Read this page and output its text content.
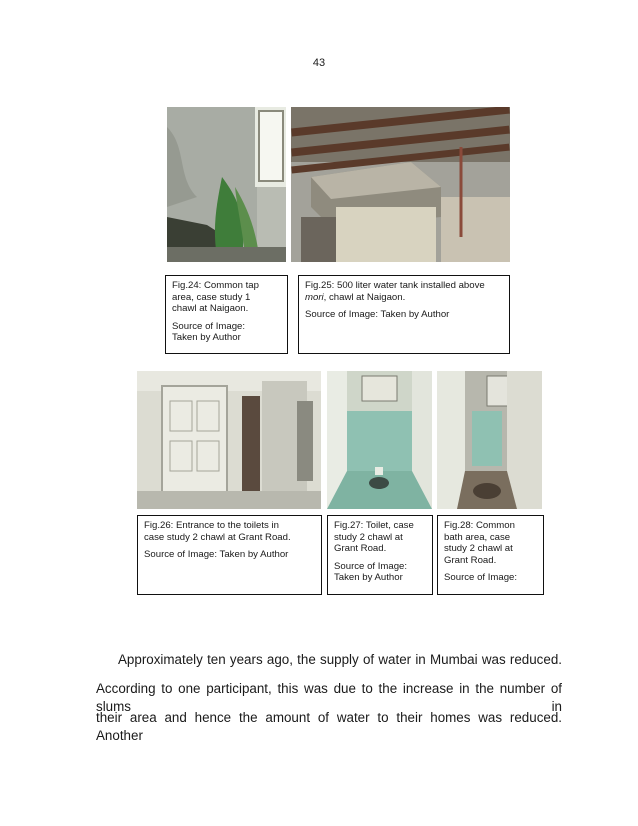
43

Fig.24: Common tap

area, case study 1

chawl at Naigaon.

Source of Image:

Taken by Author

Fig.25: 500 liter water tank installed above

mori, chawl at Naigaon.

Source of Image: Taken by Author

Fig.26: Entrance to the toilets in

case study 2 chawl at Grant Road.

Source of Image: Taken by Author

Fig.27: Toilet, case

study 2 chawl at

Grant Road.

Source of Image:

Taken by Author

Fig.28: Common

bath area, case

study 2 chawl at

Grant Road.

Source of Image:

Approximately ten years ago, the supply of water in Mumbai was reduced.
According to one participant, this was due to the increase in the number of slums in
their area and hence the amount of water to their homes was reduced. Another
